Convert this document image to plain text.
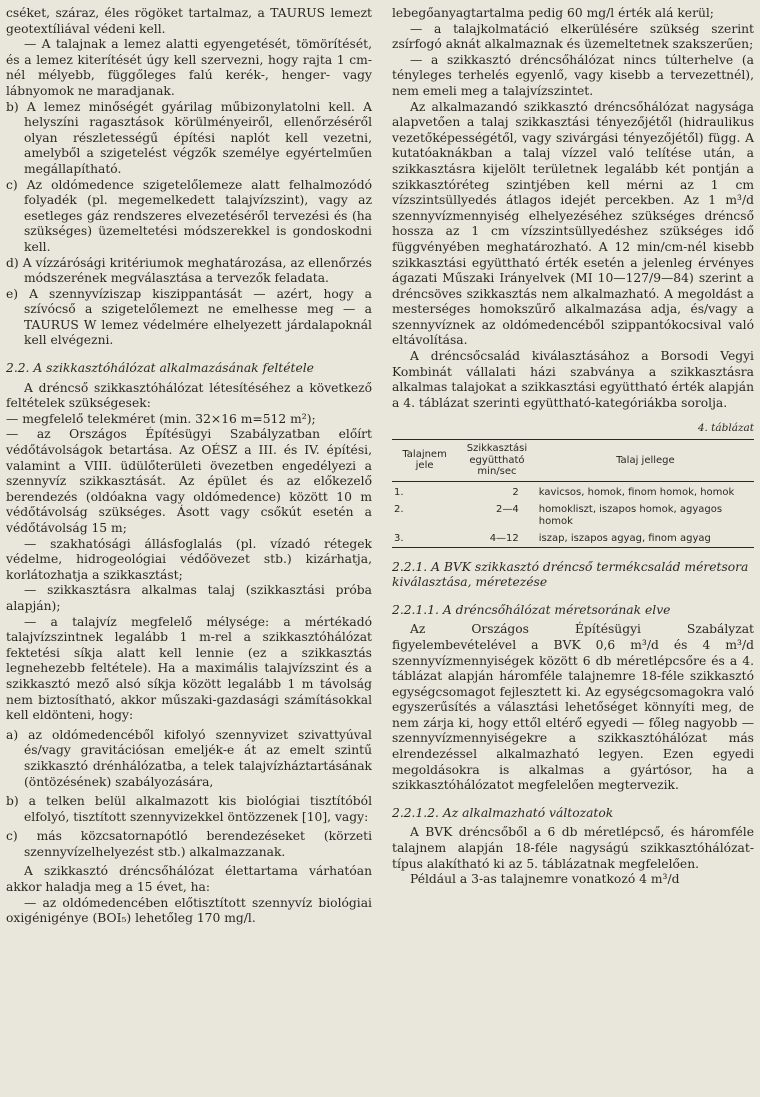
cséket, száraz, éles rögöket tartalmaz, a TAURUS lemezt geotextíliával védeni kell.

— A talajnak a lemez alatti egyengetését, tömörítését, és a lemez kiterítését úgy kell szervezni, hogy rajta 1 cm-nél mélyebb, függőleges falú kerék-, henger- vagy lábnyomok ne maradjanak.

b) A lemez minőségét gyárilag műbizonylatolni kell. A helyszíni ragasztások körülményeiről, ellenőrzéséről olyan részletességű építési naplót kell vezetni, amelyből a szigetelést végzők személye egyértelműen megállapítható.

c) Az oldómedence szigetelőlemeze alatt felhalmozódó folyadék (pl. megemelkedett talajvízszint), vagy az esetleges gáz rendszeres elvezetéséről tervezési és (ha szükséges) üzemeltetési módszerekkel is gondoskodni kell.

d) A vízzárósági kritériumok meghatározása, az ellenőrzés módszerének megválasztása a tervezők feladata.

e) A szennyvíziszap kiszippantását — azért, hogy a szívócső a szigetelőlemezt ne emelhesse meg — a TAURUS W lemez védelmére elhelyezett járdalapoknál kell elvégezni.

2.2. A szikkasztóhálózat alkalmazásának feltétele

A dréncső szikkasztóhálózat létesítéséhez a következő feltételek szükségesek:

— megfelelő telekméret (min. 32×16 m=512 m²);

— az Országos Építésügyi Szabályzatban előírt védőtávolságok betartása. Az OÉSZ a III. és IV. építési, valamint a VIII. üdülőterületi övezetben engedélyezi a szennyvíz szikkasztását. Az épület és az előkezelő berendezés (oldóakna vagy oldómedence) között 10 m védőtávolság szükséges. Ásott vagy csőkút esetén a védőtávolság 15 m;

— szakhatósági állásfoglalás (pl. vízadó rétegek védelme, hidrogeológiai védőövezet stb.) kizárhatja, korlátozhatja a szikkasztást;

— szikkasztásra alkalmas talaj (szikkasztási próba alapján);

— a talajvíz megfelelő mélysége: a mértékadó talajvízszintnek legalább 1 m-rel a szikkasztóhálózat fektetési síkja alatt kell lennie (ez a szikkasztás legnehezebb feltétele). Ha a maximális talajvízszint és a szikkasztó mező alsó síkja között legalább 1 m távolság nem biztosítható, akkor műszaki-gazdasági számításokkal kell eldönteni, hogy:

a) az oldómedencéből kifolyó szennyvizet szivattyúval és/vagy gravitációsan emeljék-e át az emelt szintű szikkasztó drénhálózatba, a telek talajvízháztartásának (öntözésének) szabályozására,

b) a telken belül alkalmazott kis biológiai tisztítóból elfolyó, tisztított szennyvizekkel öntözzenek [10], vagy:

c) más közcsatornapótló berendezéseket (körzeti szennyvízelhelyezést stb.) alkalmazzanak.

A szikkasztó dréncsőhálózat élettartama várhatóan akkor haladja meg a 15 évet, ha:

— az oldómedencében előtisztított szennyvíz biológiai oxigénigénye (BOI₅) lehetőleg 170 mg/l.

lebegőanyagtartalma pedig 60 mg/l érték alá kerül;

— a talajkolmatáció elkerülésére szükség szerint zsírfogó aknát alkalmaznak és üzemeltetnek szakszerűen;

— a szikkasztó dréncsőhálózat nincs túlterhelve (a tényleges terhelés egyenlő, vagy kisebb a tervezettnél), nem emeli meg a talajvízszintet.

Az alkalmazandó szikkasztó dréncsőhálózat nagysága alapvetően a talaj szikkasztási tényezőjétől (hidraulikus vezetőképességétől, vagy szivárgási tényezőjétől) függ. A kutatóaknákban a talaj vízzel való telítése után, a szikkasztásra kijelölt területnek legalább két pontján a szikkasztóréteg szintjében kell mérni az 1 cm vízszintsüllyedés átlagos idejét percekben. Az 1 m³/d szennyvízmennyiség elhelyezéséhez szükséges dréncső hossza az 1 cm vízszintsüllyedéshez szükséges idő függvényében meghatározható. A 12 min/cm-nél kisebb szikkasztási együttható érték esetén a jelenleg érvényes ágazati Műszaki Irányelvek (MI 10—127/9—84) szerint a dréncsöves szikkasztás nem alkalmazható. A megoldást a mesterséges homokszűrő alkalmazása adja, és/vagy a szennyvíznek az oldómedencéből szippantókocsival való eltávolítása.

A dréncsőcsalád kiválasztásához a Borsodi Vegyi Kombinát vállalati házi szabványa a szikkasztásra alkalmas talajokat a szikkasztási együttható érték alapján a 4. táblázat szerinti együttható-kategóriákba sorolja.

4. táblázat
Talajnem jele	Szikkasztási együttható min/sec	Talaj jellege
1.	2	kavicsos, homok, finom homok, homok
2.	2—4	homokliszt, iszapos homok, agyagos homok
3.	4—12	iszap, iszapos agyag, finom agyag

2.2.1. A BVK szikkasztó dréncső termékcsalád méretsora kiválasztása, méretezése

2.2.1.1. A dréncsőhálózat méretsorának elve

Az Országos Építésügyi Szabályzat figyelembevételével a BVK 0,6 m³/d és 4 m³/d szennyvízmennyiségek között 6 db méretlépcsőre és a 4. táblázat alapján háromféle talajnemre 18-féle szikkasztó egységcsomagot fejlesztett ki. Az egységcsomagokra való egyszerűsítés a választási lehetőséget könnyíti meg, de nem zárja ki, hogy ettől eltérő egyedi — főleg nagyobb — szennyvízmennyiségekre a szikkasztóhálózat más elrendezéssel alkalmazható legyen. Ezen egyedi megoldásokra is alkalmas a gyártósor, ha a szikkasztóhálózatot megfelelően megtervezik.

2.2.1.2. Az alkalmazható változatok

A BVK dréncsőből a 6 db méretlépcső, és háromféle talajnem alapján 18-féle nagyságú szikkasztóhálózat-típus alakítható ki az 5. táblázatnak megfelelően.

Például a 3-as talajnemre vonatkozó 4 m³/d
